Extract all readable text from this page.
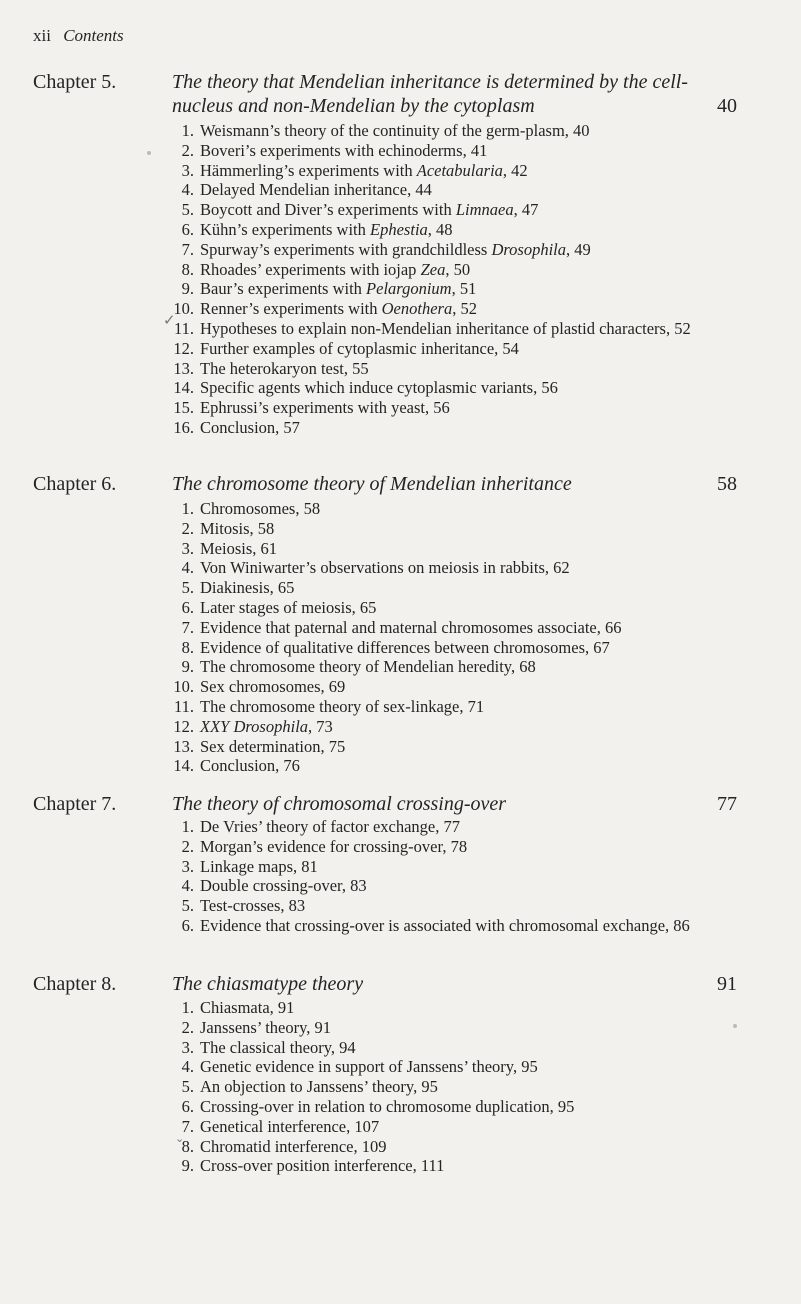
xii Contents
Chapter 5.	The theory that Mendelian inheritance is determined by the cell-nucleus and non-Mendelian by the cytoplasm	40
1. Weismann’s theory of the continuity of the germ-plasm, 40
2. Boveri’s experiments with echinoderms, 41
3. Hämmerling’s experiments with Acetabularia, 42
4. Delayed Mendelian inheritance, 44
5. Boycott and Diver’s experiments with Limnaea, 47
6. Kühn’s experiments with Ephestia, 48
7. Spurway’s experiments with grandchildless Drosophila, 49
8. Rhoades’ experiments with iojap Zea, 50
9. Baur’s experiments with Pelargonium, 51
10. Renner’s experiments with Oenothera, 52
11. Hypotheses to explain non-Mendelian inheritance of plastid characters, 52
12. Further examples of cytoplasmic inheritance, 54
13. The heterokaryon test, 55
14. Specific agents which induce cytoplasmic variants, 56
15. Ephrussi’s experiments with yeast, 56
16. Conclusion, 57
Chapter 6.	The chromosome theory of Mendelian inheritance	58
1. Chromosomes, 58
2. Mitosis, 58
3. Meiosis, 61
4. Von Winiwarter’s observations on meiosis in rabbits, 62
5. Diakinesis, 65
6. Later stages of meiosis, 65
7. Evidence that paternal and maternal chromosomes associate, 66
8. Evidence of qualitative differences between chromosomes, 67
9. The chromosome theory of Mendelian heredity, 68
10. Sex chromosomes, 69
11. The chromosome theory of sex-linkage, 71
12. XXY Drosophila, 73
13. Sex determination, 75
14. Conclusion, 76
Chapter 7.	The theory of chromosomal crossing-over	77
1. De Vries’ theory of factor exchange, 77
2. Morgan’s evidence for crossing-over, 78
3. Linkage maps, 81
4. Double crossing-over, 83
5. Test-crosses, 83
6. Evidence that crossing-over is associated with chromosomal exchange, 86
Chapter 8.	The chiasmatype theory	91
1. Chiasmata, 91
2. Janssens’ theory, 91
3. The classical theory, 94
4. Genetic evidence in support of Janssens’ theory, 95
5. An objection to Janssens’ theory, 95
6. Crossing-over in relation to chromosome duplication, 95
7. Genetical interference, 107
8. Chromatid interference, 109
9. Cross-over position interference, 111
✓
⌄
